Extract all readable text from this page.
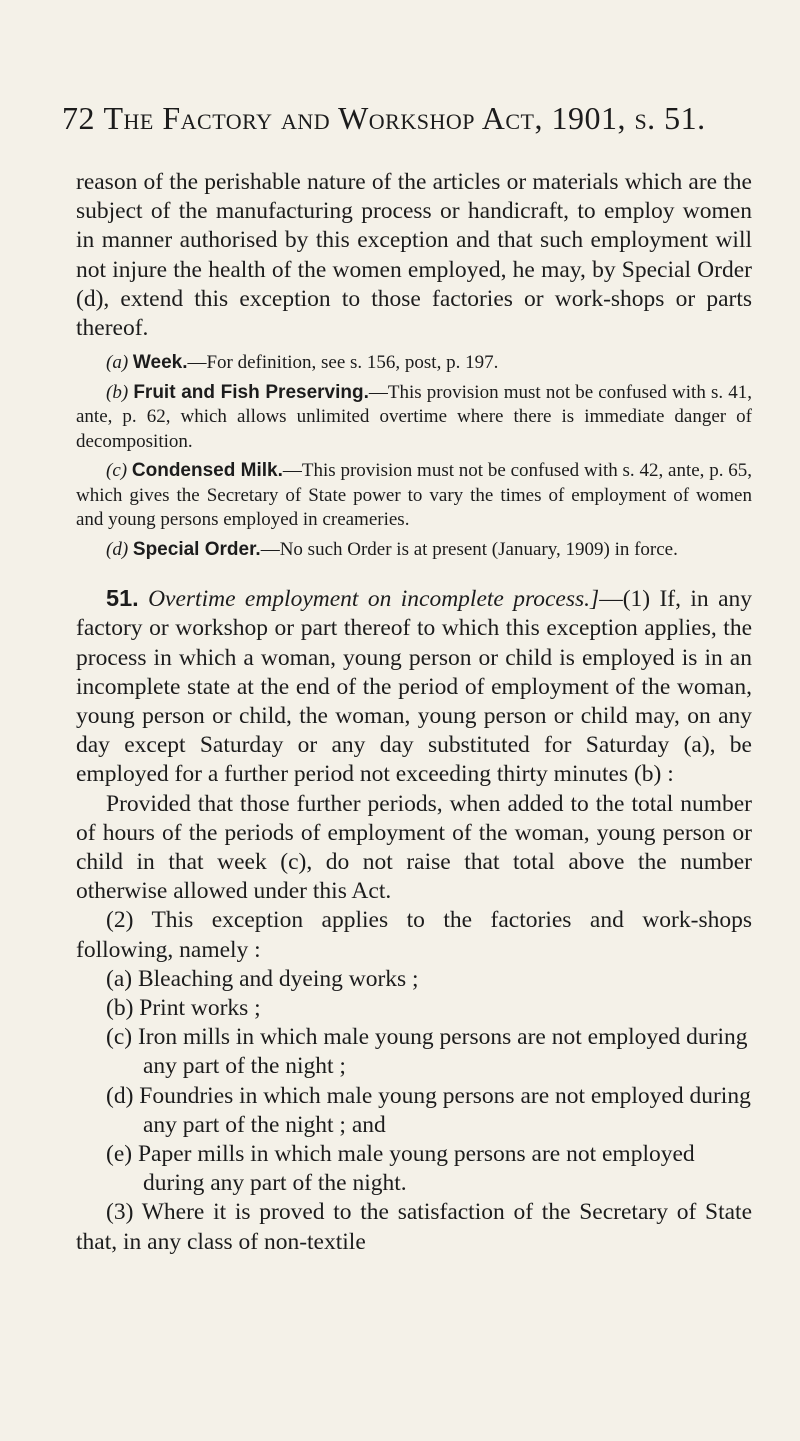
72 The Factory and Workshop Act, 1901, s. 51.

reason of the perishable nature of the articles or materials which are the subject of the manufacturing process or handicraft, to employ women in manner authorised by this exception and that such employment will not injure the health of the women employed, he may, by Special Order (d), extend this exception to those factories or work-shops or parts thereof.

(a) Week.—For definition, see s. 156, post, p. 197.

(b) Fruit and Fish Preserving.—This provision must not be confused with s. 41, ante, p. 62, which allows unlimited overtime where there is immediate danger of decomposition.

(c) Condensed Milk.—This provision must not be confused with s. 42, ante, p. 65, which gives the Secretary of State power to vary the times of employment of women and young persons employed in creameries.

(d) Special Order.—No such Order is at present (January, 1909) in force.

51. Overtime employment on incomplete process.]—(1) If, in any factory or workshop or part thereof to which this exception applies, the process in which a woman, young person or child is employed is in an incomplete state at the end of the period of employment of the woman, young person or child, the woman, young person or child may, on any day except Saturday or any day substituted for Saturday (a), be employed for a further period not exceeding thirty minutes (b) :

Provided that those further periods, when added to the total number of hours of the periods of employment of the woman, young person or child in that week (c), do not raise that total above the number otherwise allowed under this Act.

(2) This exception applies to the factories and work-shops following, namely :

(a) Bleaching and dyeing works ;

(b) Print works ;

(c) Iron mills in which male young persons are not employed during any part of the night ;

(d) Foundries in which male young persons are not employed during any part of the night ; and

(e) Paper mills in which male young persons are not employed during any part of the night.

(3) Where it is proved to the satisfaction of the Secretary of State that, in any class of non-textile
